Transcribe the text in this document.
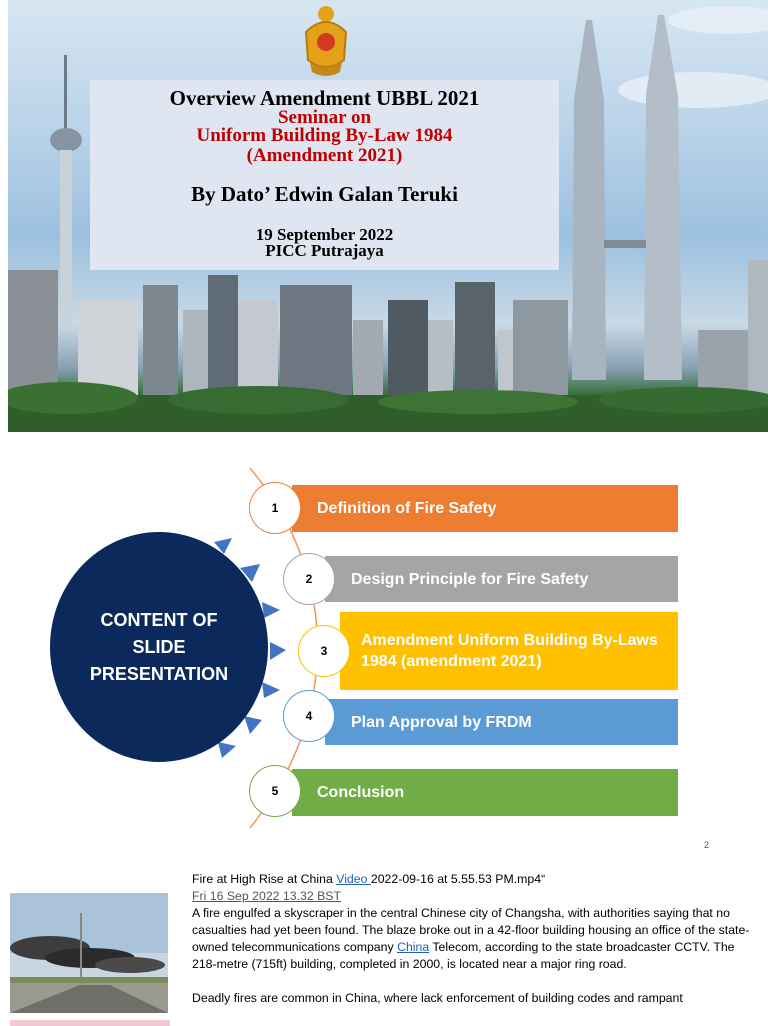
Overview Amendment UBBL 2021
Seminar on
Uniform Building By-Law 1984
(Amendment 2021)
By Dato’ Edwin Galan Teruki
19 September 2022
PICC Putrajaya
CONTENT OF SLIDE PRESENTATION
Definition of Fire Safety
Design Principle for Fire Safety
Amendment Uniform Building By-Laws 1984 (amendment 2021)
Plan Approval by FRDM
Conclusion
1
2
3
4
5
2

Fire at High Rise at China Video 2022-09-16 at 5.55.53 PM.mp4“

Fri 16 Sep 2022 13.32 BST

A fire engulfed a skyscraper in the central Chinese city of Changsha, with authorities saying that no casualties had yet been found. The blaze broke out in a 42-floor building housing an office of the state-owned telecommunications company China Telecom, according to the state broadcaster CCTV. The 218-metre (715ft) building, completed in 2000, is located near a major ring road.

Deadly fires are common in China, where lack enforcement of building codes and rampant
